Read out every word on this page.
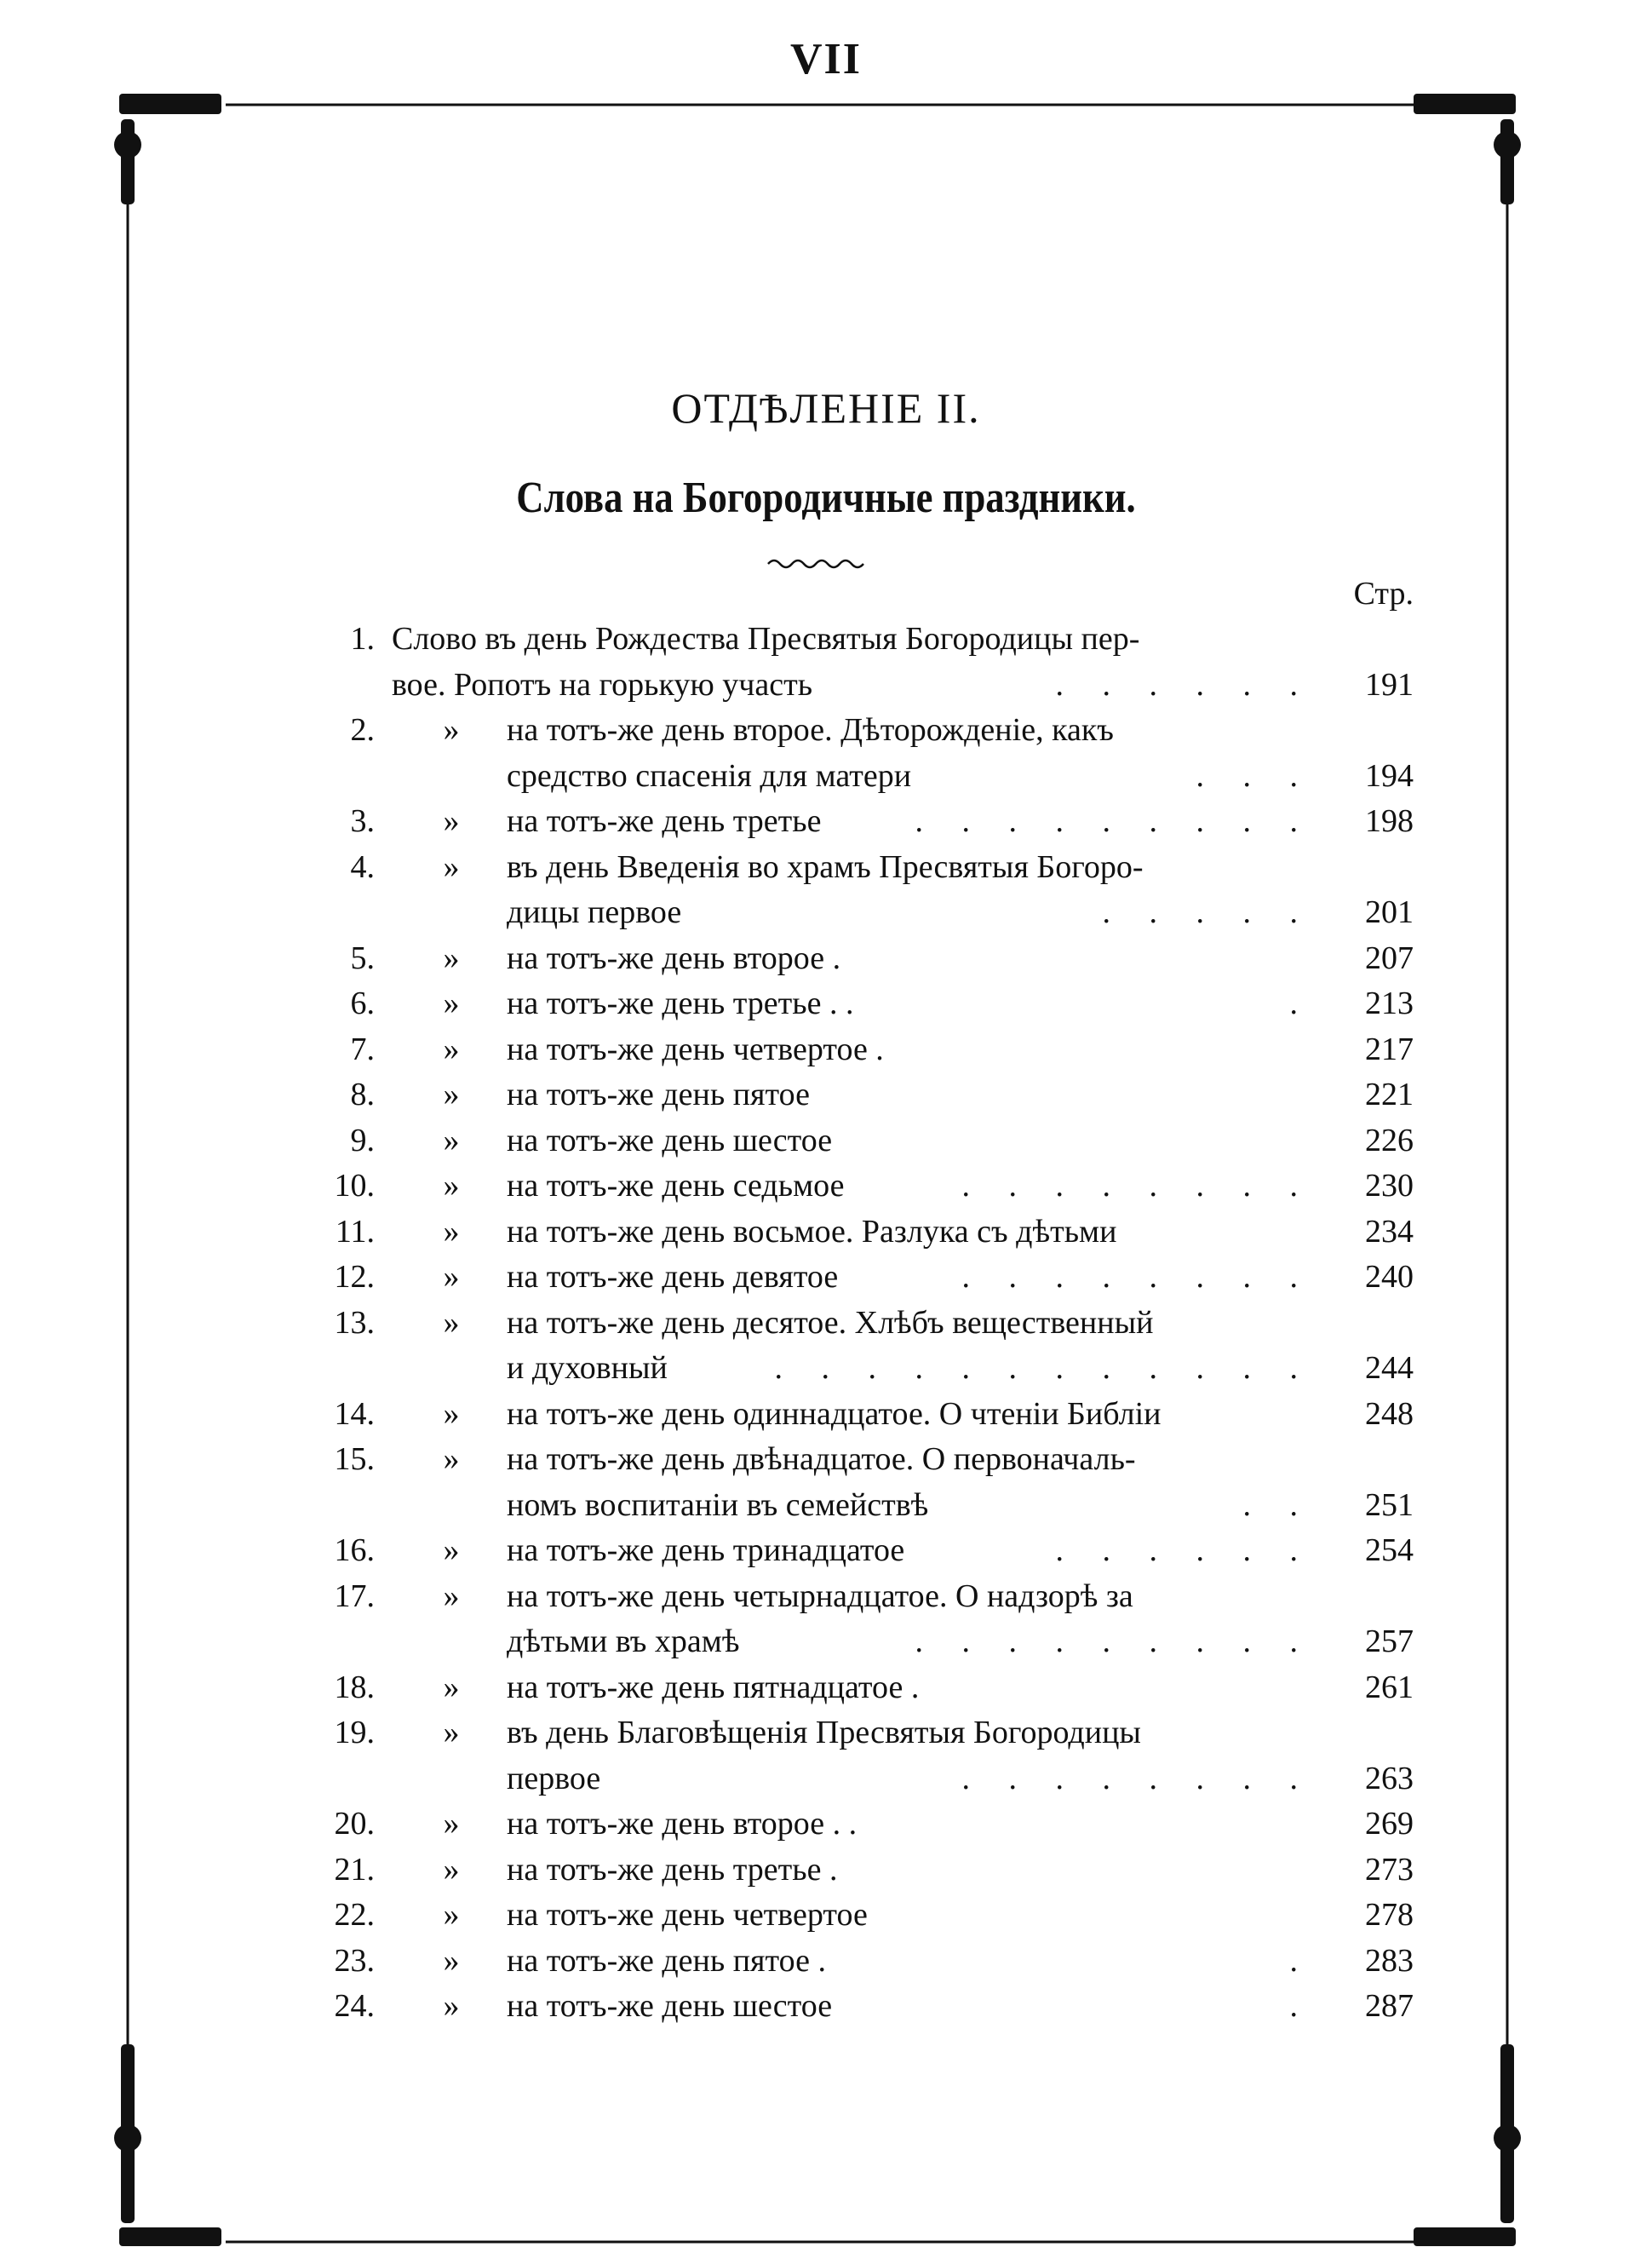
VII
ОТДѢЛЕНІЕ II.
Слова на Богородичные праздники.
Стр.
1. Слово въ день Рождества Пресвятыя Богородицы пер-
вое. Ропотъ на горькую участь	. . . . . .	191
2. » на тотъ-же день второе. Дѣторожденіе, какъ
средство спасенія для матери	. . .	194
3. » на тотъ-же день третье	. . . . . . . . .	198
4. » въ день Введенія во храмъ Пресвятыя Богоро-
дицы первое	. . . . .	201
5. » на тотъ-же день второе .	207
6. » на тотъ-же день третье . .	.	213
7. » на тотъ-же день четвертое .	217
8. » на тотъ-же день пятое	221
9. » на тотъ-же день шестое	226
10. » на тотъ-же день седьмое	. . . . . . . .	230
11. » на тотъ-же день восьмое. Разлука съ дѣтьми	234
12. » на тотъ-же день девятое	. . . . . . . .	240
13. » на тотъ-же день десятое. Хлѣбъ вещественный
и духовный	. . . . . . . . . . . .	244
14. » на тотъ-же день одиннадцатое. О чтеніи Библіи	248
15. » на тотъ-же день двѣнадцатое. О первоначаль-
номъ воспитаніи въ семействѣ	. .	251
16. » на тотъ-же день тринадцатое	. . . . . .	254
17. » на тотъ-же день четырнадцатое. О надзорѣ за
дѣтьми въ храмѣ	. . . . . . . . .	257
18. » на тотъ-же день пятнадцатое .	261
19. » въ день Благовѣщенія Пресвятыя Богородицы
первое	. . . . . . . .	263
20. » на тотъ-же день второе . .	269
21. » на тотъ-же день третье .	273
22. » на тотъ-же день четвертое	278
23. » на тотъ-же день пятое .	.	283
24. » на тотъ-же день шестое	.	287
